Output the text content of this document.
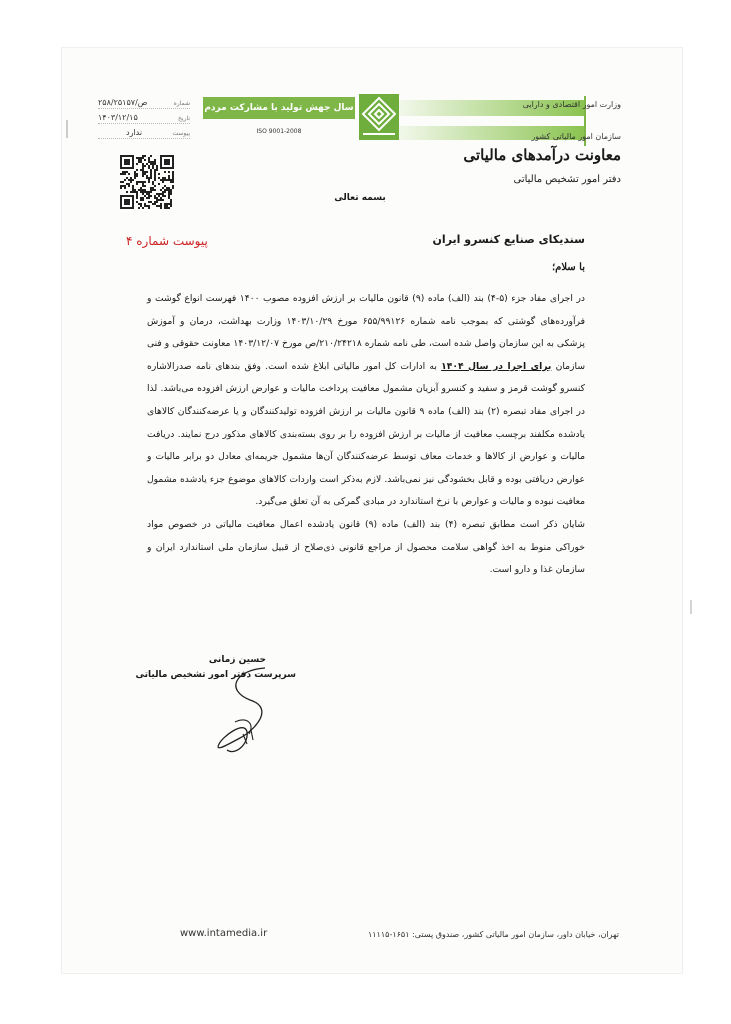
وزارت امور اقتصادی و دارایی
سازمان امور مالیاتی کشور
معاونت درآمدهای مالیاتی
دفتر امور تشخیص مالیاتی
سال جهش تولید با مشارکت مردم
ISO 9001-2008
شماره
۲۵۸/۲۵۱۵۷/ص
تاریخ
۱۴۰۳/۱۲/۱۵
پیوست
ندارد
بسمه تعالی
پیوست شماره ۴	سندیکای صنایع کنسرو ایران
با سلام؛

در اجرای مفاد جزء (۵-۴) بند (الف) ماده (۹) قانون مالیات بر ارزش افزوده مصوب ۱۴۰۰ فهرست انواع گوشت و فرآورده‌های گوشتی که بموجب نامه شماره ۶۵۵/۹۹۱۲۶ مورخ ۱۴۰۳/۱۰/۲۹ وزارت بهداشت، درمان و آموزش پزشکی به این سازمان واصل شده است، طی نامه شماره ۲۱۰/۲۴۲۱۸/ص مورخ ۱۴۰۳/۱۲/۰۷ معاونت حقوقی و فنی سازمان برای اجرا در سال ۱۴۰۴ به ادارات کل امور مالیاتی ابلاغ شده است. وفق بندهای نامه صدرالاشاره کنسرو گوشت قرمز و سفید و کنسرو آبزیان مشمول معافیت پرداخت مالیات و عوارض ارزش افزوده می‌باشد. لذا در اجرای مفاد تبصره (۲) بند (الف) ماده ۹ قانون مالیات بر ارزش افزوده تولیدکنندگان و یا عرضه‌کنندگان کالاهای یادشده مکلفند برچسب معافیت از مالیات بر ارزش افزوده را بر روی بسته‌بندی کالاهای مذکور درج نمایند. دریافت مالیات و عوارض از کالاها و خدمات معاف توسط عرضه‌کنندگان آن‌ها مشمول جریمه‌ای معادل دو برابر مالیات و عوارض دریافتی بوده و قابل بخشودگی نیز نمی‌باشد. لازم به‌ذکر است واردات کالاهای موضوع جزء یادشده مشمول معافیت نبوده و مالیات و عوارض با نرخ استاندارد در مبادی گمرکی به آن تعلق می‌گیرد.

شایان ذکر است مطابق تبصره (۴) بند (الف) ماده (۹) قانون یادشده اعمال معافیت مالیاتی در خصوص مواد خوراکی منوط به اخذ گواهی سلامت محصول از مراجع قانونی ذی‌صلاح از قبیل سازمان ملی استاندارد ایران و سازمان غذا و دارو است.

حسین زمانی
سرپرست دفتر امور تشخیص مالیاتی
www.intamedia.ir	تهران، خیابان داور، سازمان امور مالیاتی کشور، صندوق پستی: ۱۶۵۱-۱۱۱۱۵
